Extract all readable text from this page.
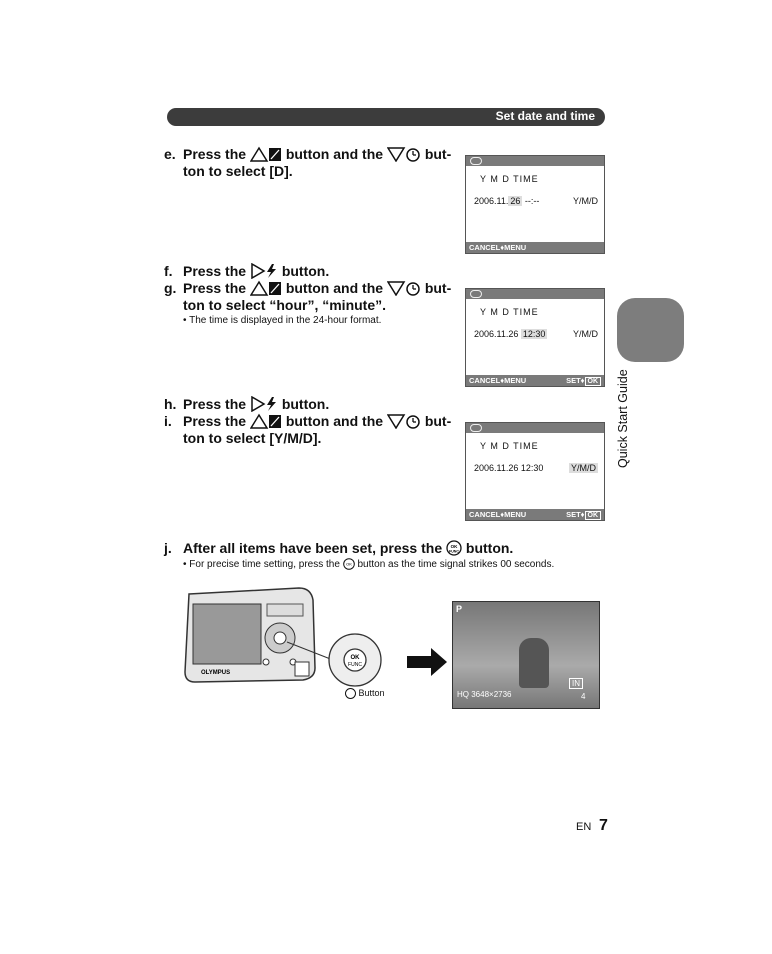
Set date and time
e. Press the	button and the	but-
ton to select [D].	Y M D TIME
2006.11. 26 --:--	Y/M/D
CANCEL♦MENU
f. Press the	button.
g. Press the	button and the	but-
ton to select “hour”, “minute”.
• The time is displayed in the 24-hour format.
Y M D TIME
2006.11.26 12:30	Y/M/D
CANCEL♦MENU	SET♦ OK
h. Press the	button.
i. Press the	button and the	but-
ton to select [Y/M/D].	Y M D TIME
2006.11.26 12:30	Y/M/D
CANCEL♦MENU	SET♦ OK
j. After all items have been set, press the OK
FUNC button.
• For precise time setting, press the OK button as the time signal strikes 00 seconds.
OLYMPUS
OK
FUNC
Button
P
HQ 3648×2736
IN
4
Quick Start Guide
EN 7
